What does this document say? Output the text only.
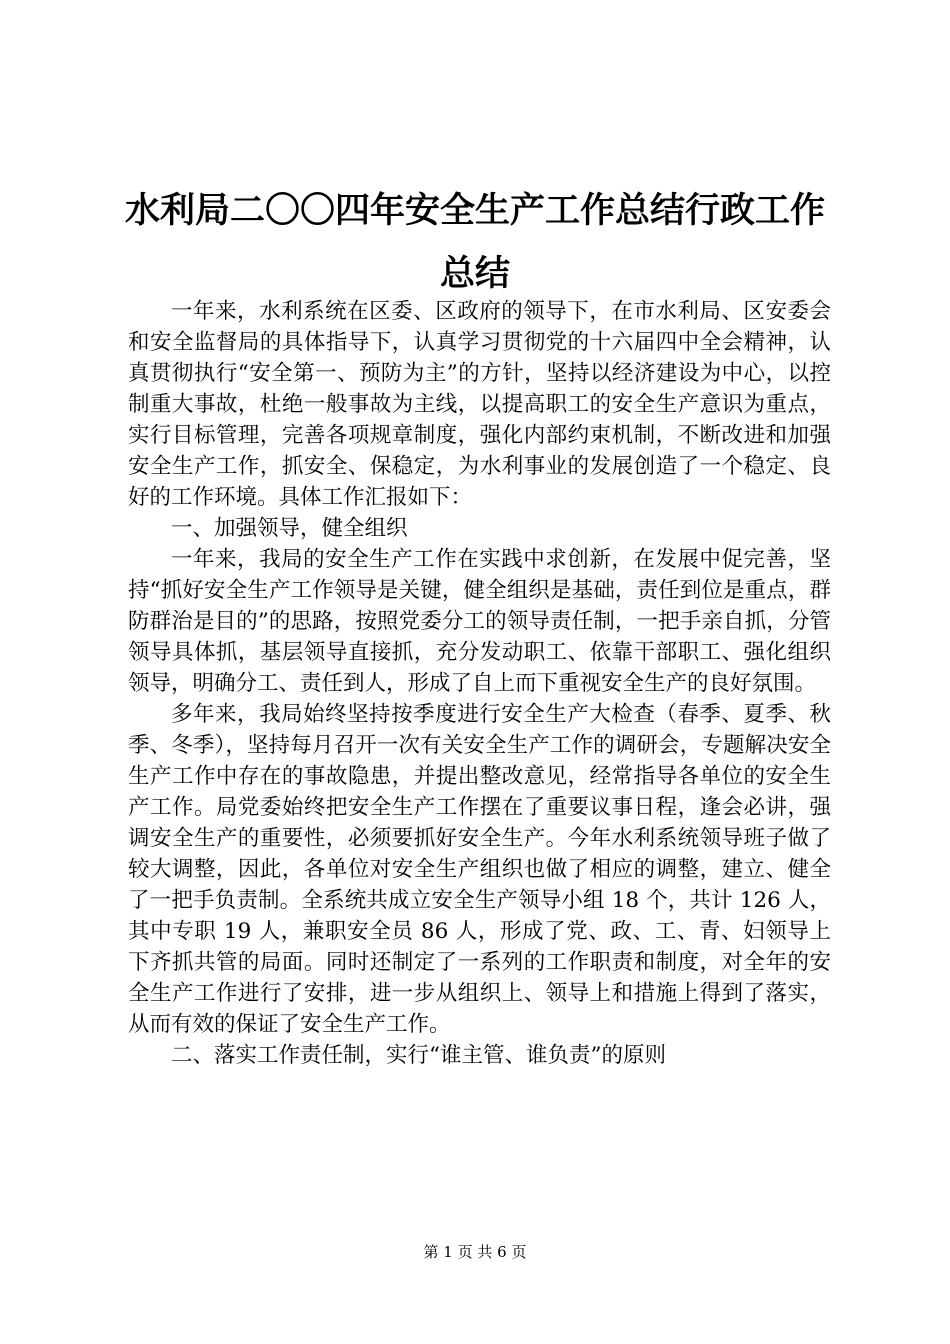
水利局二〇〇四年安全生产工作总结行政工作总结

一年来，水利系统在区委、区政府的领导下，在市水利局、区安委会和安全监督局的具体指导下，认真学习贯彻党的十六届四中全会精神，认真贯彻执行“安全第一、预防为主”的方针，坚持以经济建设为中心，以控制重大事故，杜绝一般事故为主线，以提高职工的安全生产意识为重点，实行目标管理，完善各项规章制度，强化内部约束机制，不断改进和加强安全生产工作，抓安全、保稳定，为水利事业的发展创造了一个稳定、良好的工作环境。具体工作汇报如下：

一、加强领导，健全组织

一年来，我局的安全生产工作在实践中求创新，在发展中促完善，坚持“抓好安全生产工作领导是关键，健全组织是基础，责任到位是重点，群防群治是目的”的思路，按照党委分工的领导责任制，一把手亲自抓，分管领导具体抓，基层领导直接抓，充分发动职工、依靠干部职工、强化组织领导，明确分工、责任到人，形成了自上而下重视安全生产的良好氛围。

多年来，我局始终坚持按季度进行安全生产大检查（春季、夏季、秋季、冬季），坚持每月召开一次有关安全生产工作的调研会，专题解决安全生产工作中存在的事故隐患，并提出整改意见，经常指导各单位的安全生产工作。局党委始终把安全生产工作摆在了重要议事日程，逢会必讲，强调安全生产的重要性，必须要抓好安全生产。今年水利系统领导班子做了较大调整，因此，各单位对安全生产组织也做了相应的调整，建立、健全了一把手负责制。全系统共成立安全生产领导小组 18 个，共计 126 人，其中专职 19 人，兼职安全员 86 人，形成了党、政、工、青、妇领导上下齐抓共管的局面。同时还制定了一系列的工作职责和制度，对全年的安全生产工作进行了安排，进一步从组织上、领导上和措施上得到了落实，从而有效的保证了安全生产工作。

二、落实工作责任制，实行“谁主管、谁负责”的原则

第 1 页 共 6 页
